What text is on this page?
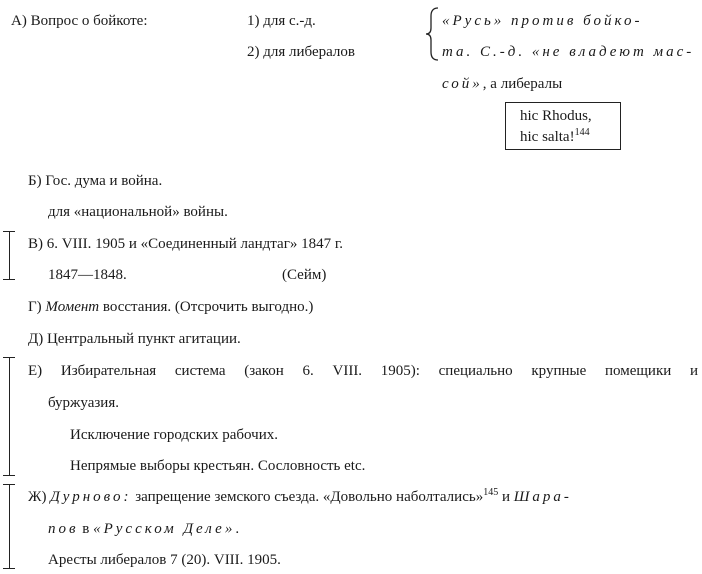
А) Вопрос о бойкоте:	1) для с.-д.
2) для либералов
«Русь» против бойко-
та. С.-д. «не владеют мас-
сой», а либералы
hic Rhodus,
hic salta!$^{144}$
Б) Гос. дума и война.
для «национальной» войны.
В) 6. VIII. 1905 и «Соединенный ландтаг» 1847 г.
1847—1848.	(Сейм)
Г) Момент восстания. (Отсрочить выгодно.)
Д) Центральный пункт агитации.
Е) Избирательная система (закон 6. VIII. 1905): специально крупные помещики и
буржуазия.
Исключение городских рабочих.
Непрямые выборы крестьян. Сословность etc.
Ж) Дурново: запрещение земского съезда. «Довольно наболтались»$^{145}$ и Шара-
пов в «Русском Деле».
Аресты либералов 7 (20). VIII. 1905.
